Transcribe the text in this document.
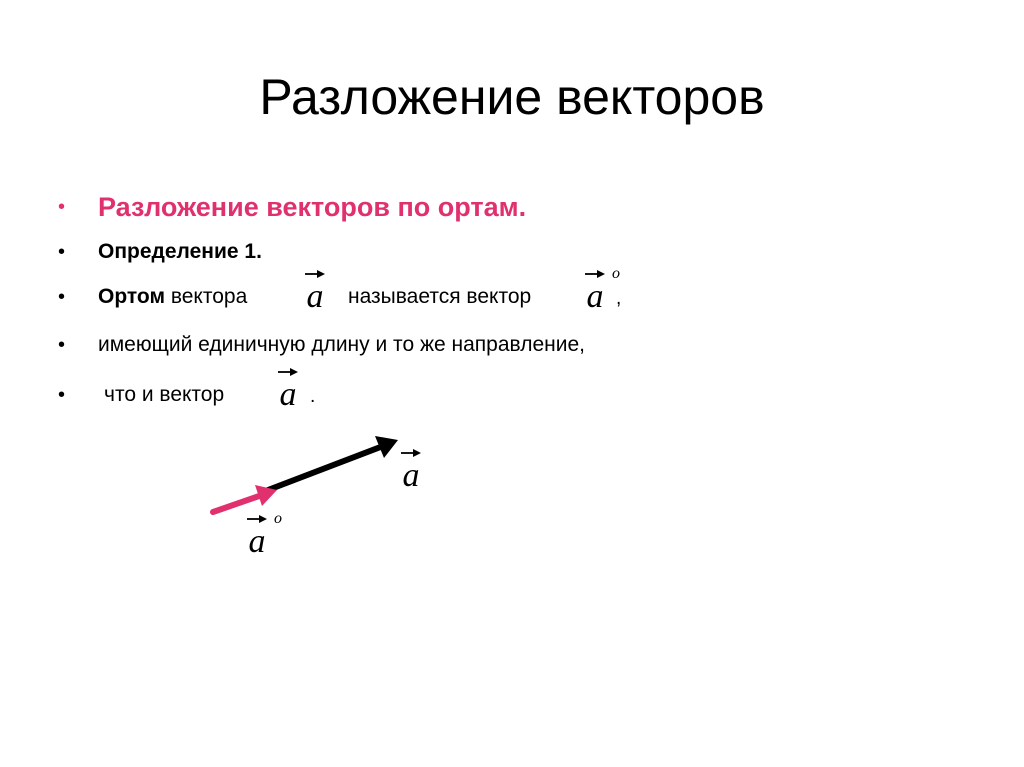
Разложение векторов
• Разложение векторов по ортам.
• Определение 1.
• Ортом вектора a	называется вектор a
o
,
• имеющий единичную длину и то же направление,
• что и вектор a .
a
a
o
